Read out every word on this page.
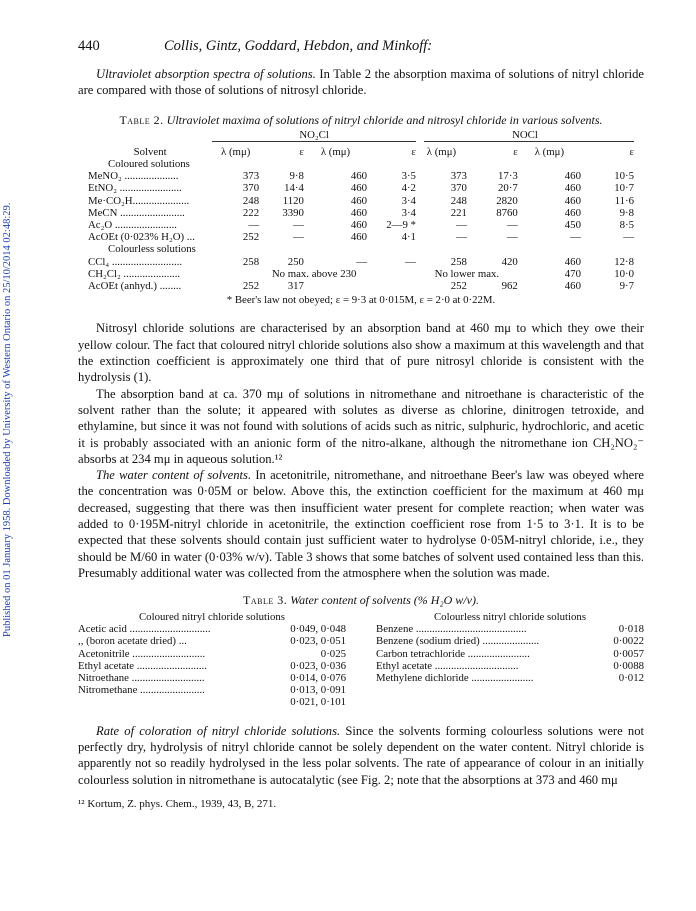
Published on 01 January 1958. Downloaded by University of Western Ontario on 25/10/2014 02:48:29.
440	Collis, Gintz, Goddard, Hebdon, and Minkoff:

Ultraviolet absorption spectra of solutions. In Table 2 the absorption maxima of solutions of nitryl chloride are compared with those of solutions of nitrosyl chloride.

Table 2. Ultraviolet maxima of solutions of nitryl chloride and nitrosyl chloride in various solvents.
	NO₂Cl				NOCl			

Solvent	λ (mμ)	ε	λ (mμ)	ε	λ (mμ)	ε	λ (mμ)	ε
Coloured solutions								
MeNO₂ ....................	373	9·8	460	3·5	373	17·3	460	10·5
EtNO₂ .......................	370	14·4	460	4·2	370	20·7	460	10·7
Me·CO₂H.....................	248	1120	460	3·4	248	2820	460	11·6
MeCN ........................	222	3390	460	3·4	221	8760	460	9·8
Ac₂O .......................	—	—	460	2—9 *	—	—	450	8·5
AcOEt (0·023% H₂O) ...	252	—	460	4·1	—	—	—	—
Colourless solutions								
CCl₄ ..........................	258	250	—	—	258	420	460	12·8
CH₂Cl₂ .....................	No max. above 230				No lower max.		470	10·0
AcOEt (anhyd.) ........	252	317			252	962	460	9·7
* Beer's law not obeyed; ε = 9·3 at 0·015M, ε = 2·0 at 0·22M.								

Nitrosyl chloride solutions are characterised by an absorption band at 460 mμ to which they owe their yellow colour. The fact that coloured nitryl chloride solutions also show a maximum at this wavelength and that the extinction coefficient is approximately one third that of pure nitrosyl chloride is consistent with the hydrolysis (1).

The absorption band at ca. 370 mμ of solutions in nitromethane and nitroethane is characteristic of the solvent rather than the solute; it appeared with solutes as diverse as chlorine, dinitrogen tetroxide, and ethylamine, but since it was not found with solutions of acids such as nitric, sulphuric, hydrochloric, and acetic it is probably associated with an anionic form of the nitro-alkane, although the nitromethane ion CH₂NO₂⁻ absorbs at 234 mμ in aqueous solution.¹²

The water content of solvents. In acetonitrile, nitromethane, and nitroethane Beer's law was obeyed where the concentration was 0·05M or below. Above this, the extinction coefficient for the maximum at 460 mμ decreased, suggesting that there was then insufficient water present for complete reaction; when water was added to 0·195M-nitryl chloride in acetonitrile, the extinction coefficient rose from 1·5 to 3·1. It is to be expected that these solvents should contain just sufficient water to hydrolyse 0·05M-nitryl chloride, i.e., they should be M/60 in water (0·03% w/v). Table 3 shows that some batches of solvent used contained less than this. Presumably additional water was collected from the atmosphere when the solution was made.

Table 3. Water content of solvents (% H₂O w/v).
Coloured nitryl chloride solutions
Acetic acid ..............................	0·049, 0·048
,, (boron acetate dried) ...	0·023, 0·051
Acetonitrile ...........................	0·025
Ethyl acetate ..........................	0·023, 0·036
Nitroethane ...........................	0·014, 0·076
Nitromethane ........................	0·013, 0·091
	0·021, 0·101
Colourless nitryl chloride solutions
Benzene .........................................	0·018
Benzene (sodium dried) .....................	0·0022
Carbon tetrachloride .......................	0·0057
Ethyl acetate ...............................	0·0088
Methylene dichloride .......................	0·012

Rate of coloration of nitryl chloride solutions. Since the solvents forming colourless solutions were not perfectly dry, hydrolysis of nitryl chloride cannot be solely dependent on the water content. Nitryl chloride is apparently not so readily hydrolysed in the less polar solvents. The rate of appearance of colour in an initially colourless solution in nitromethane is autocatalytic (see Fig. 2; note that the absorptions at 373 and 460 mμ

¹² Kortum, Z. phys. Chem., 1939, 43, B, 271.
